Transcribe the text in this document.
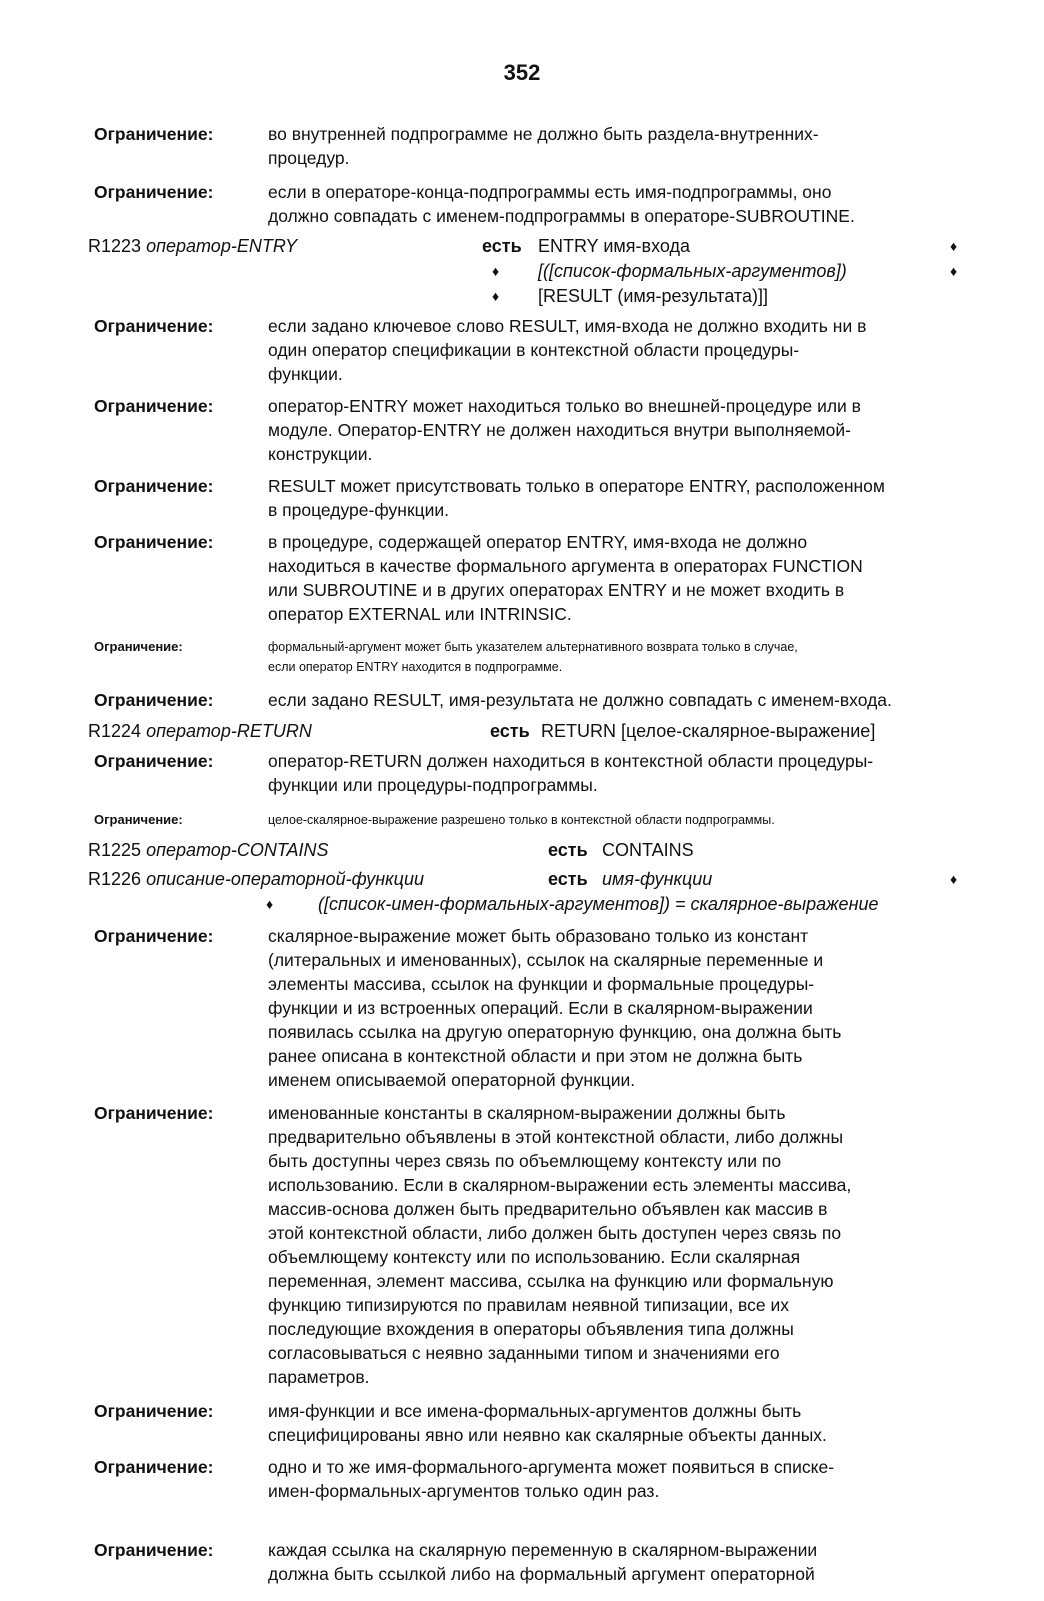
352
Ограничение:	во внутренней подпрограмме не должно быть раздела-внутренних-
процедур.
Ограничение:	если в операторе-конца-подпрограммы есть имя-подпрограммы, оно
должно совпадать с именем-подпрограммы в операторе-SUBROUTINE.
R1223 оператор-ENTRY	есть ENTRY имя-входа	♦
♦ [([список-формальных-аргументов])	♦
♦ [RESULT (имя-результата)]]
Ограничение:	если задано ключевое слово RESULT, имя-входа не должно входить ни в
один оператор спецификации в контекстной области процедуры-
функции.
Ограничение:	оператор-ENTRY может находиться только во внешней-процедуре или в
модуле. Оператор-ENTRY не должен находиться внутри выполняемой-
конструкции.
Ограничение:	RESULT может присутствовать только в операторе ENTRY, расположенном
в процедуре-функции.
Ограничение:	в процедуре, содержащей оператор ENTRY, имя-входа не должно
находиться в качестве формального аргумента в операторах FUNCTION
или SUBROUTINE и в других операторах ENTRY и не может входить в
оператор EXTERNAL или INTRINSIC.
Ограничение:	формальный-аргумент может быть указателем альтернативного возврата только в случае,
если оператор ENTRY находится в подпрограмме.
Ограничение:	если задано RESULT, имя-результата не должно совпадать с именем-входа.
R1224 оператор-RETURN	есть RETURN [целое-скалярное-выражение]
Ограничение:	оператор-RETURN должен находиться в контекстной области процедуры-
функции или процедуры-подпрограммы.
Ограничение:	целое-скалярное-выражение разрешено только в контекстной области подпрограммы.
R1225 оператор-CONTAINS	есть CONTAINS
R1226 описание-операторной-функции	есть имя-функции	♦
♦ ([список-имен-формальных-аргументов]) = скалярное-выражение
Ограничение:	скалярное-выражение может быть образовано только из констант
(литеральных и именованных), ссылок на скалярные переменные и
элементы массива, ссылок на функции и формальные процедуры-
функции и из встроенных операций. Если в скалярном-выражении
появилась ссылка на другую операторную функцию, она должна быть
ранее описана в контекстной области и при этом не должна быть
именем описываемой операторной функции.
Ограничение:	именованные константы в скалярном-выражении должны быть
предварительно объявлены в этой контекстной области, либо должны
быть доступны через связь по объемлющему контексту или по
использованию. Если в скалярном-выражении есть элементы массива,
массив-основа должен быть предварительно объявлен как массив в
этой контекстной области, либо должен быть доступен через связь по
объемлющему контексту или по использованию. Если скалярная
переменная, элемент массива, ссылка на функцию или формальную
функцию типизируются по правилам неявной типизации, все их
последующие вхождения в операторы объявления типа должны
согласовываться с неявно заданными типом и значениями его
параметров.
Ограничение:	имя-функции и все имена-формальных-аргументов должны быть
специфицированы явно или неявно как скалярные объекты данных.
Ограничение:	одно и то же имя-формального-аргумента может появиться в списке-
имен-формальных-аргументов только один раз.
Ограничение:	каждая ссылка на скалярную переменную в скалярном-выражении
должна быть ссылкой либо на формальный аргумент операторной
